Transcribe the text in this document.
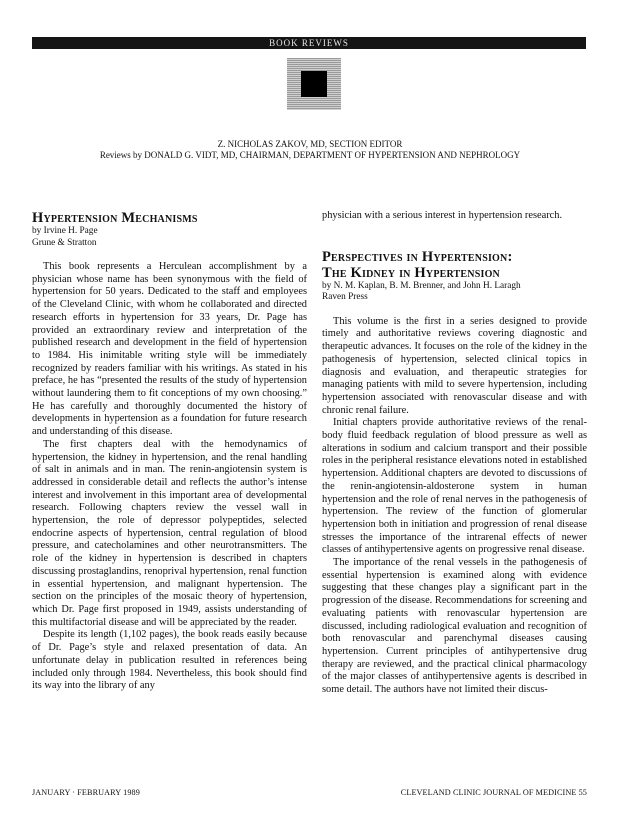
BOOK REVIEWS
Z. NICHOLAS ZAKOV, MD, SECTION EDITOR
Reviews by DONALD G. VIDT, MD, CHAIRMAN, DEPARTMENT OF HYPERTENSION AND NEPHROLOGY
Hypertension Mechanisms
by Irvine H. Page
Grune & Stratton

This book represents a Herculean accomplishment by a physician whose name has been synonymous with the field of hypertension for 50 years. Dedicated to the staff and employees of the Cleveland Clinic, with whom he collaborated and directed research efforts in hypertension for 33 years, Dr. Page has provided an extraordinary review and interpretation of the published research and development in the field of hypertension to 1984. His inimitable writing style will be immediately recognized by readers familiar with his writings. As stated in his preface, he has “presented the results of the study of hypertension without laundering them to fit conceptions of my own choosing.” He has carefully and thoroughly documented the history of developments in hypertension as a foundation for future research and understanding of this disease.

The first chapters deal with the hemodynamics of hypertension, the kidney in hypertension, and the renal handling of salt in animals and in man. The renin-angiotensin system is addressed in considerable detail and reflects the author’s intense interest and involvement in this important area of developmental research. Following chapters review the vessel wall in hypertension, the role of depressor polypeptides, selected endocrine aspects of hypertension, central regulation of blood pressure, and catecholamines and other neurotransmitters. The role of the kidney in hypertension is described in chapters discussing prostaglandins, renoprival hypertension, renal function in essential hypertension, and malignant hypertension. The section on the principles of the mosaic theory of hypertension, which Dr. Page first proposed in 1949, assists understanding of this multifactorial disease and will be appreciated by the reader.

Despite its length (1,102 pages), the book reads easily because of Dr. Page’s style and relaxed presentation of data. An unfortunate delay in publication resulted in references being included only through 1984. Nevertheless, this book should find its way into the library of any

physician with a serious interest in hypertension research.

Perspectives in Hypertension:
The Kidney in Hypertension
by N. M. Kaplan, B. M. Brenner, and John H. Laragh
Raven Press

This volume is the first in a series designed to provide timely and authoritative reviews covering diagnostic and therapeutic advances. It focuses on the role of the kidney in the pathogenesis of hypertension, selected clinical topics in diagnosis and evaluation, and therapeutic strategies for managing patients with mild to severe hypertension, including hypertension associated with renovascular disease and with chronic renal failure.

Initial chapters provide authoritative reviews of the renal-body fluid feedback regulation of blood pressure as well as alterations in sodium and calcium transport and their possible roles in the peripheral resistance elevations noted in established hypertension. Additional chapters are devoted to discussions of the renin-angiotensin-aldosterone system in human hypertension and the role of renal nerves in the pathogenesis of hypertension. The review of the function of glomerular hypertension both in initiation and progression of renal disease stresses the importance of the intrarenal effects of newer classes of antihypertensive agents on progressive renal disease.

The importance of the renal vessels in the pathogenesis of essential hypertension is examined along with evidence suggesting that these changes play a significant part in the progression of the disease. Recommendations for screening and evaluating patients with renovascular hypertension are discussed, including radiological evaluation and recognition of both renovascular and parenchymal diseases causing hypertension. Current principles of antihypertensive drug therapy are reviewed, and the practical clinical pharmacology of the major classes of antihypertensive agents is described in some detail. The authors have not limited their discus-

JANUARY · FEBRUARY 1989	CLEVELAND CLINIC JOURNAL OF MEDICINE 55
